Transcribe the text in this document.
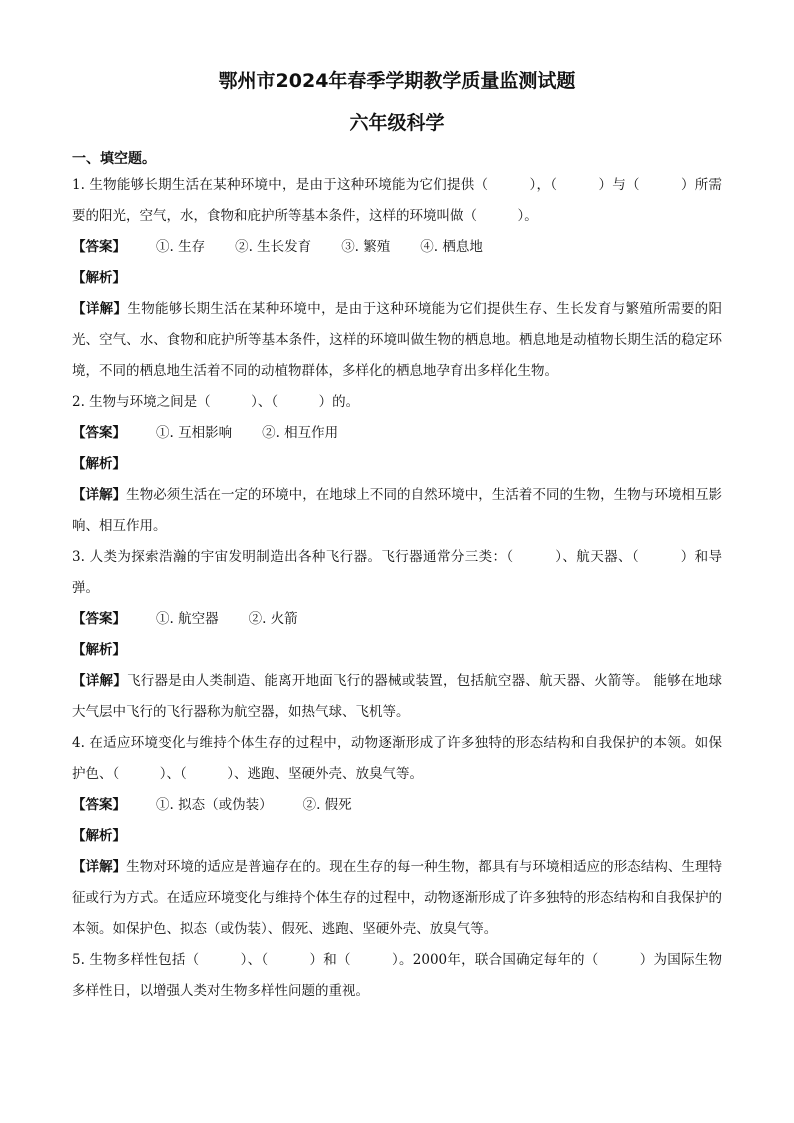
鄂州市2024年春季学期教学质量监测试题
六年级科学
一、填空题。

1. 生物能够长期生活在某种环境中，是由于这种环境能为它们提供（　　　），（　　　）与（　　　）所需要的阳光，空气，水，食物和庇护所等基本条件，这样的环境叫做（　　　）。

【答案】 ①. 生存 ②. 生长发育 ③. 繁殖 ④. 栖息地

【解析】

【详解】生物能够长期生活在某种环境中，是由于这种环境能为它们提供生存、生长发育与繁殖所需要的阳光、空气、水、食物和庇护所等基本条件，这样的环境叫做生物的栖息地。栖息地是动植物长期生活的稳定环境，不同的栖息地生活着不同的动植物群体，多样化的栖息地孕育出多样化生物。

2. 生物与环境之间是（　　　）、（　　　）的。

【答案】 ①. 互相影响 ②. 相互作用

【解析】

【详解】生物必须生活在一定的环境中，在地球上不同的自然环境中，生活着不同的生物，生物与环境相互影响、相互作用。

3. 人类为探索浩瀚的宇宙发明制造出各种飞行器。飞行器通常分三类：（　　　）、航天器、（　　　）和导弹。

【答案】 ①. 航空器 ②. 火箭

【解析】

【详解】飞行器是由人类制造、能离开地面飞行的器械或装置，包括航空器、航天器、火箭等。 能够在地球大气层中飞行的飞行器称为航空器，如热气球、飞机等。

4. 在适应环境变化与维持个体生存的过程中，动物逐渐形成了许多独特的形态结构和自我保护的本领。如保护色、（　　　）、（　　　）、逃跑、坚硬外壳、放臭气等。

【答案】 ①. 拟态（或伪装） ②. 假死

【解析】

【详解】生物对环境的适应是普遍存在的。现在生存的每一种生物，都具有与环境相适应的形态结构、生理特征或行为方式。在适应环境变化与维持个体生存的过程中，动物逐渐形成了许多独特的形态结构和自我保护的本领。如保护色、拟态（或伪装）、假死、逃跑、坚硬外壳、放臭气等。

5. 生物多样性包括（　　　）、（　　　）和（　　　）。2000年，联合国确定每年的（　　　）为国际生物多样性日，以增强人类对生物多样性问题的重视。
